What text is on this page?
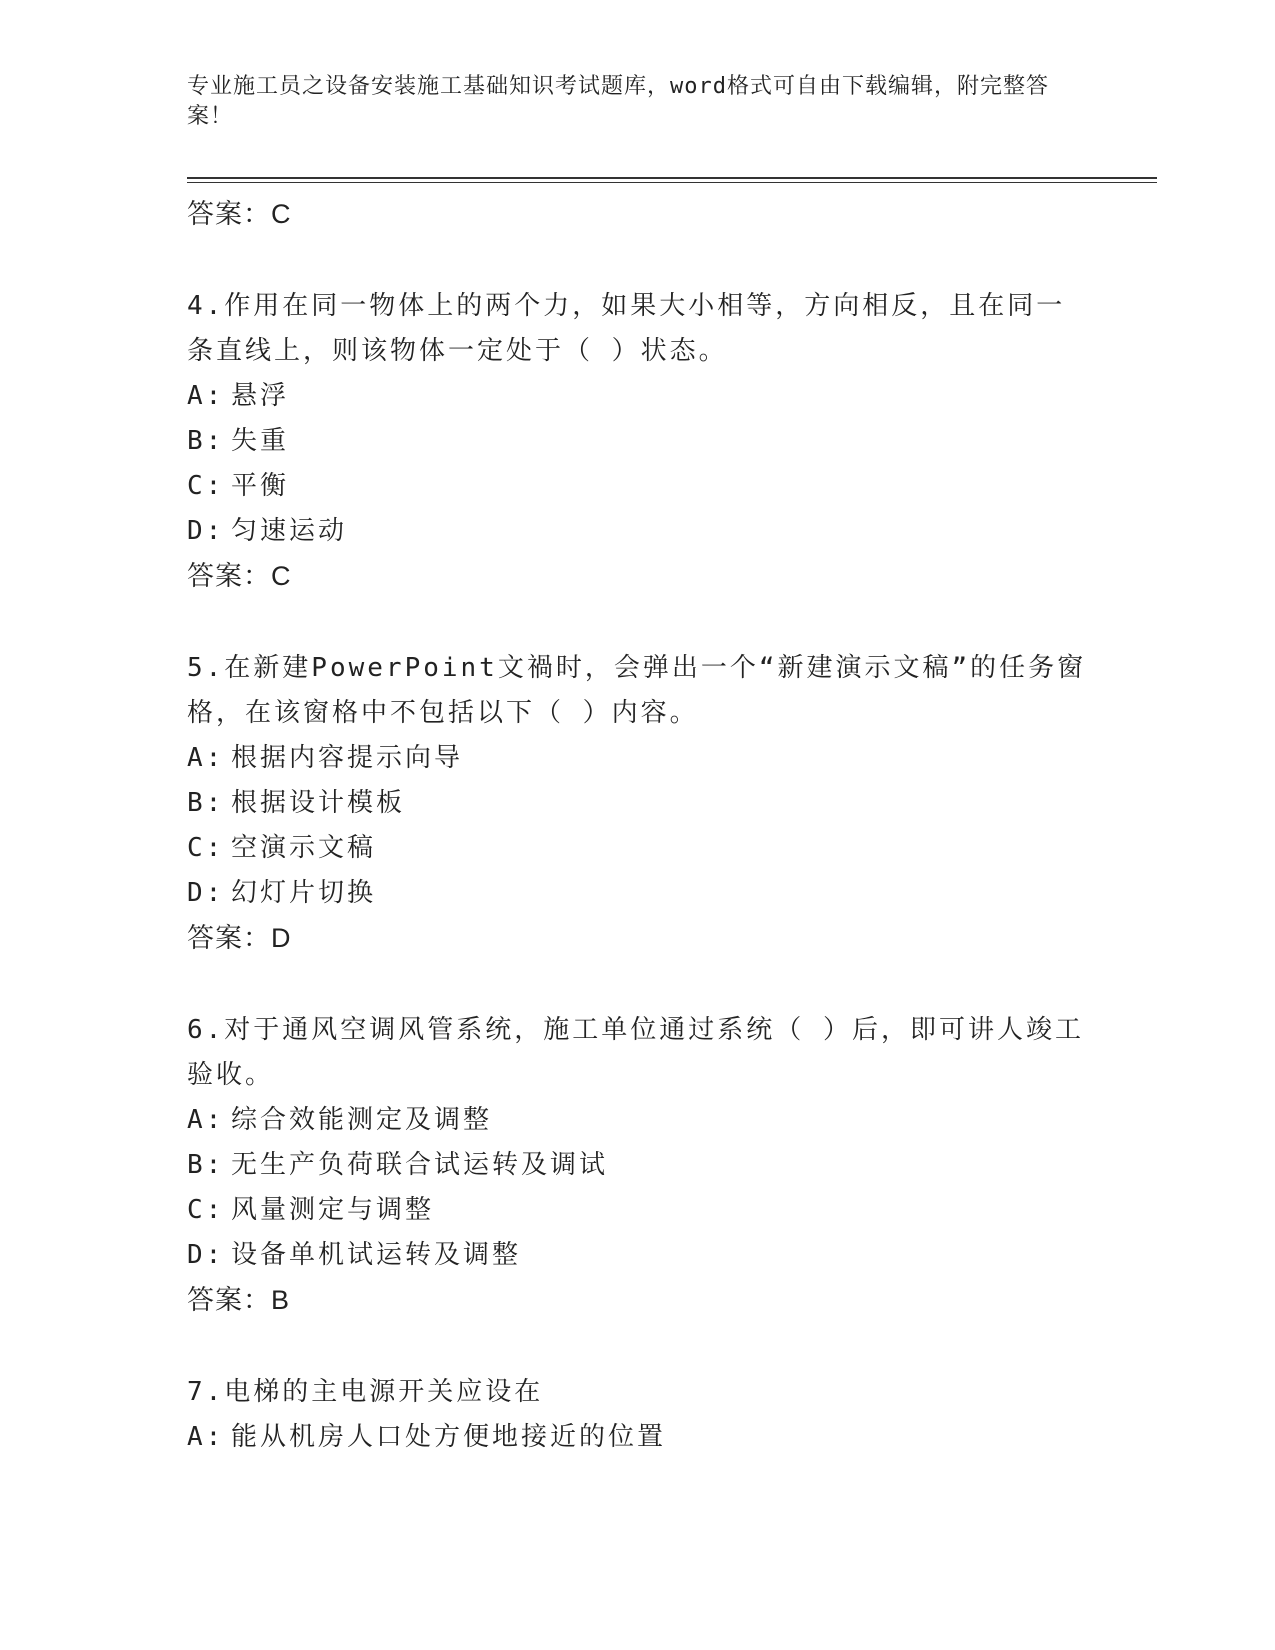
专业施工员之设备安装施工基础知识考试题库，word格式可自由下载编辑，附完整答案！
答案：C

4.作用在同一物体上的两个力，如果大小相等，方向相反，且在同一条直线上，则该物体一定处于（ ）状态。

A: 悬浮
B: 失重
C: 平衡
D: 匀速运动
答案：C

5.在新建PowerPoint文禍时，会弹出一个“新建演示文稿”的任务窗格，在该窗格中不包括以下（ ）内容。

A: 根据内容提示向导
B: 根据设计模板
C: 空演示文稿
D: 幻灯片切换
答案：D

6.对于通风空调风管系统，施工单位通过系统（ ）后，即可讲人竣工验收。

A: 综合效能测定及调整
B: 无生产负荷联合试运转及调试
C: 风量测定与调整
D: 设备单机试运转及调整
答案：B

7.电梯的主电源开关应设在

A: 能从机房人口处方便地接近的位置
